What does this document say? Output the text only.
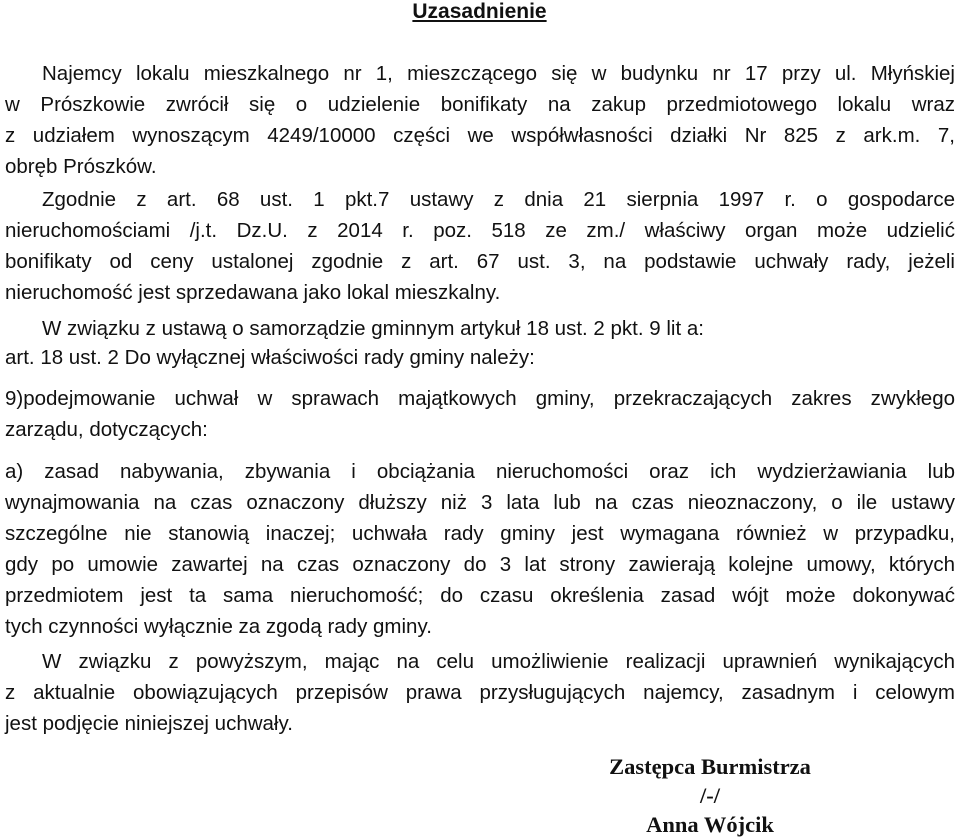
Uzasadnienie
Najemcy lokalu mieszkalnego nr 1, mieszczącego się w budynku nr 17 przy ul. Młyńskiej
w Prószkowie zwrócił się o udzielenie bonifikaty na zakup przedmiotowego lokalu wraz
z udziałem wynoszącym 4249/10000 części we współwłasności działki Nr 825 z ark.m. 7,
obręb Prószków.
Zgodnie z art. 68 ust. 1 pkt.7 ustawy z dnia 21 sierpnia 1997 r. o gospodarce
nieruchomościami /j.t. Dz.U. z 2014 r. poz. 518 ze zm./ właściwy organ może udzielić
bonifikaty od ceny ustalonej zgodnie z art. 67 ust. 3, na podstawie uchwały rady, jeżeli
nieruchomość jest sprzedawana jako lokal mieszkalny.
W związku z ustawą o samorządzie gminnym artykuł 18 ust. 2 pkt. 9 lit a:
art. 18 ust. 2 Do wyłącznej właściwości rady gminy należy:
9)podejmowanie uchwał w sprawach majątkowych gminy, przekraczających zakres zwykłego
zarządu, dotyczących:
a) zasad nabywania, zbywania i obciążania nieruchomości oraz ich wydzierżawiania lub
wynajmowania na czas oznaczony dłuższy niż 3 lata lub na czas nieoznaczony, o ile ustawy
szczególne nie stanowią inaczej; uchwała rady gminy jest wymagana również w przypadku,
gdy po umowie zawartej na czas oznaczony do 3 lat strony zawierają kolejne umowy, których
przedmiotem jest ta sama nieruchomość; do czasu określenia zasad wójt może dokonywać
tych czynności wyłącznie za zgodą rady gminy.
W związku z powyższym, mając na celu umożliwienie realizacji uprawnień wynikających
z aktualnie obowiązujących przepisów prawa przysługujących najemcy, zasadnym i celowym
jest podjęcie niniejszej uchwały.
Zastępca Burmistrza
/-/
Anna Wójcik
